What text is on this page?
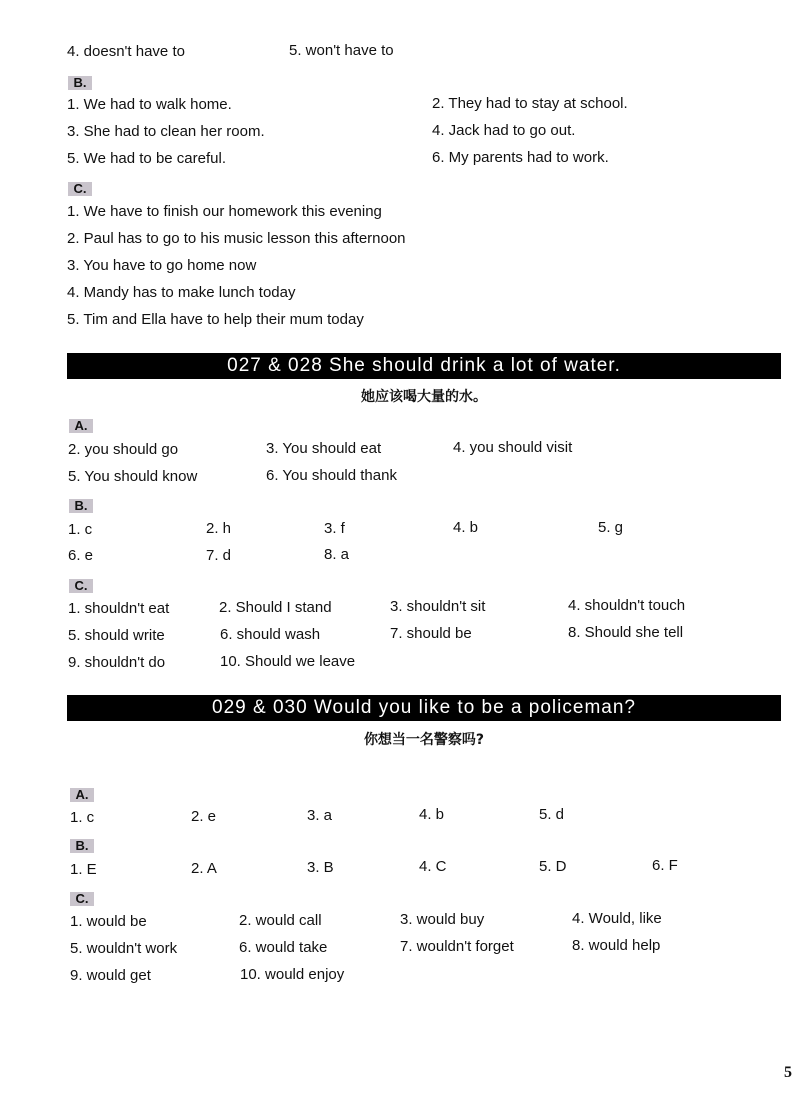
4. doesn't have to	5. won't have to
B.
1. We had to walk home.	2. They had to stay at school.
3. She had to clean her room.	4. Jack had to go out.
5. We had to be careful.	6. My parents had to work.
C.
1. We have to finish our homework this evening
2. Paul has to go to his music lesson this afternoon
3. You have to go home now
4. Mandy has to make lunch today
5. Tim and Ella have to help their mum today
027 & 028 She should drink a lot of water.
她应该喝大量的水。
A.
2. you should go	3. You should eat	4. you should visit
5. You should know	6. You should thank
B.
1. c	2. h	3. f	4. b	5. g
6. e	7. d	8. a
C.
1. shouldn't eat	2. Should I stand	3. shouldn't sit	4. shouldn't touch
5. should write	6. should wash	7. should be	8. Should she tell
9. shouldn't do	10. Should we leave
029 & 030 Would you like to be a policeman?
你想当一名警察吗?
A.
1. c	2. e	3. a	4. b	5. d
B.
1. E	2. A	3. B	4. C	5. D	6. F
C.
1. would be	2. would call	3. would buy	4. Would, like
5. wouldn't work	6. would take	7. wouldn't forget	8. would help
9. would get	10. would enjoy
5
